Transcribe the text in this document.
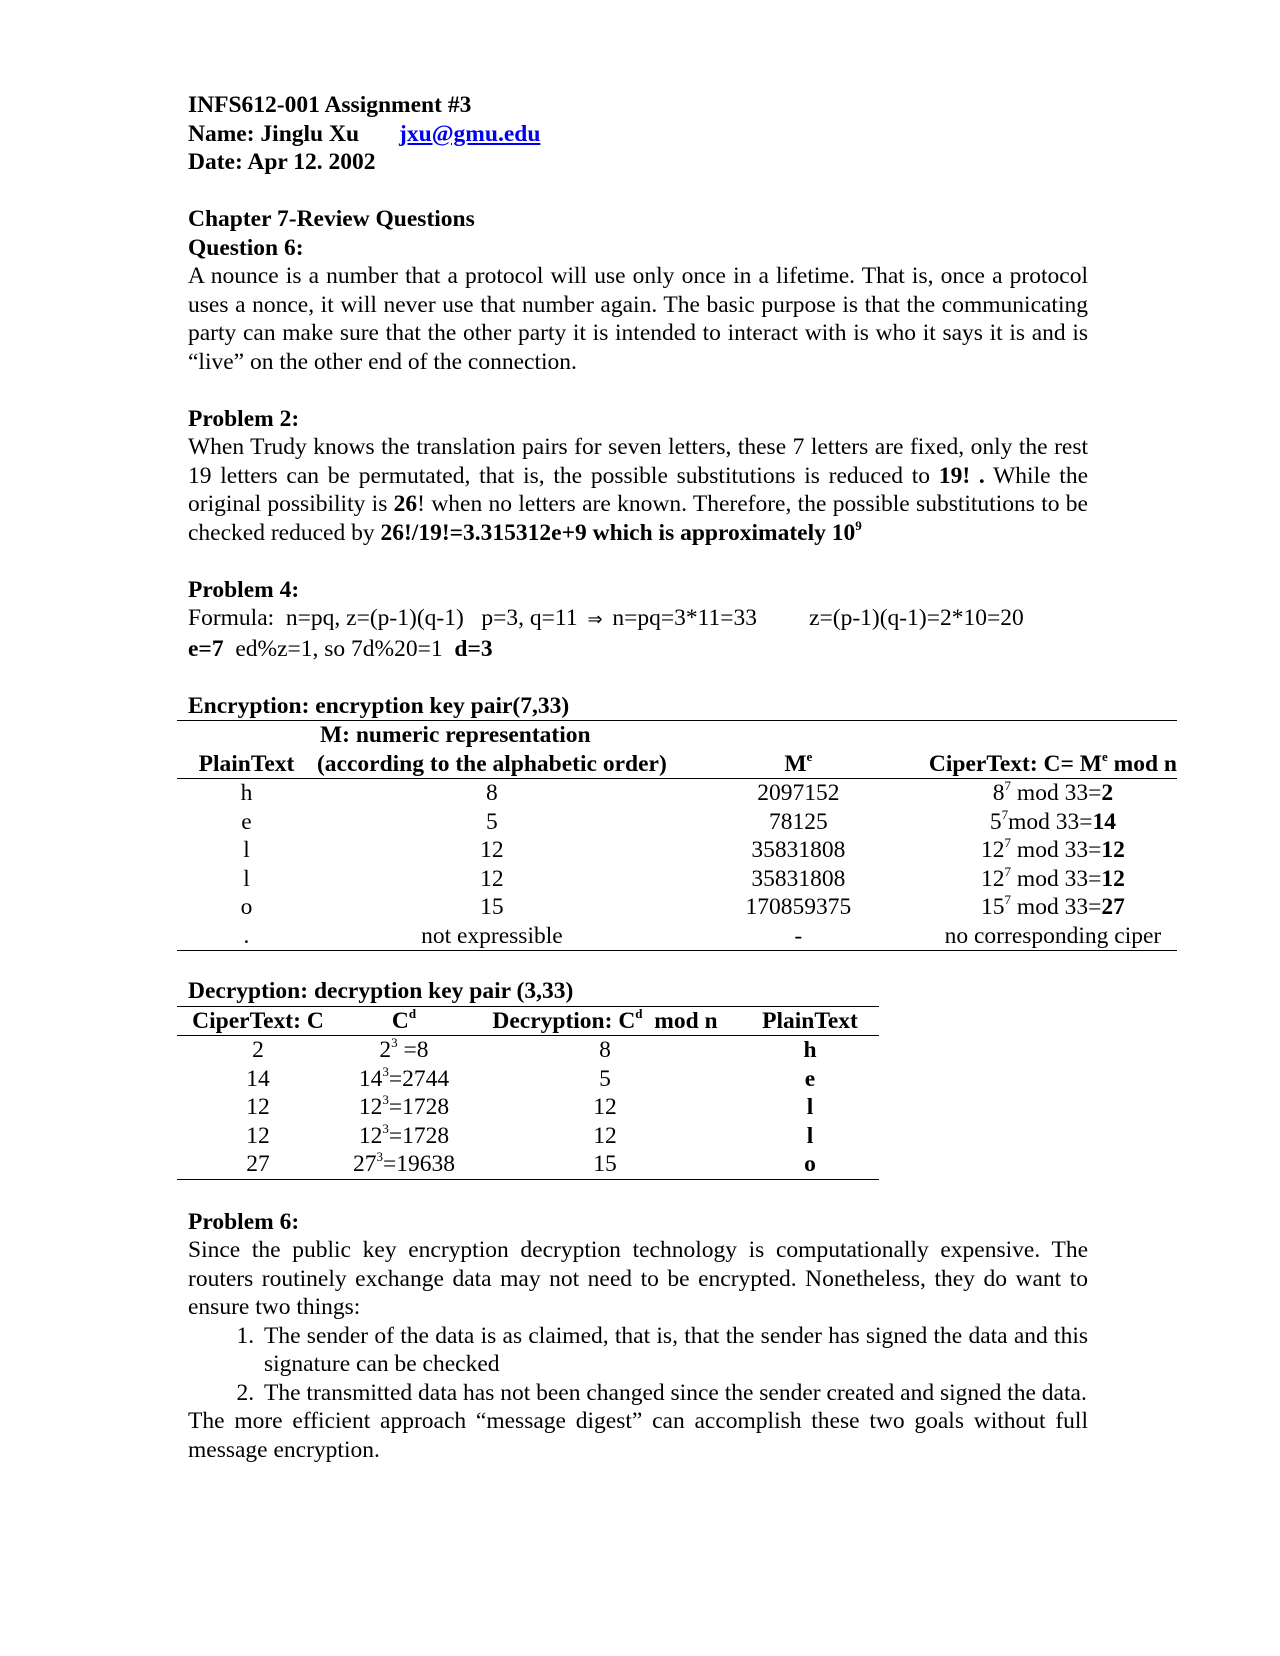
INFS612-001 Assignment #3
Name: Jinglu Xu jxu@gmu.edu
Date: Apr 12. 2002
Chapter 7-Review Questions
Question 6:
A nounce is a number that a protocol will use only once in a lifetime. That is, once a protocol uses a nonce, it will never use that number again. The basic purpose is that the communicating party can make sure that the other party it is intended to interact with is who it says it is and is “live” on the other end of the connection.
Problem 2:
When Trudy knows the translation pairs for seven letters, these 7 letters are fixed, only the rest 19 letters can be permutated, that is, the possible substitutions is reduced to 19! . While the original possibility is 26! when no letters are known. Therefore, the possible substitutions to be checked reduced by 26!/19!=3.315312e+9 which is approximately $10^9$
Problem 4:
Formula:  n=pq, z=(p-1)(q-1)   p=3, q=11 ⇒ n=pq=3*11=33 z=(p-1)(q-1)=2*10=20
e=7  ed%z=1, so 7d%20=1  d=3
Encryption: encryption key pair(7,33)
	M: numeric representation		
PlainText	(according to the alphabetic order)	Me	CiperText: $C= M^e$ mod n
h	8	2097152	$8^7$ mod 33=2
e	5	78125	$5^7mod$ 33=14
l	12	35831808	$12^7$ mod 33=12
l	12	35831808	$12^7$ mod 33=12
o	15	170859375	$15^7$ mod 33=27
.	not expressible	-	no corresponding ciper
Decryption: decryption key pair (3,33)
CiperText: C	$C^d$	Decryption: $C^d$  mod n	PlainText
2	$2^3 =8$	8	h
14	$14^3=2744$	5	e
12	$12^3=1728$	12	l
12	$12^3=1728$	12	l
27	$27^3=19638$	15	o
Problem 6:
Since the public key encryption decryption technology is computationally expensive. The routers routinely exchange data may not need to be encrypted. Nonetheless, they do want to ensure two things:
1. The sender of the data is as claimed, that is, that the sender has signed the data and this signature can be checked
2. The transmitted data has not been changed since the sender created and signed the data.
The more efficient approach “message digest” can accomplish these two goals without full message encryption.
